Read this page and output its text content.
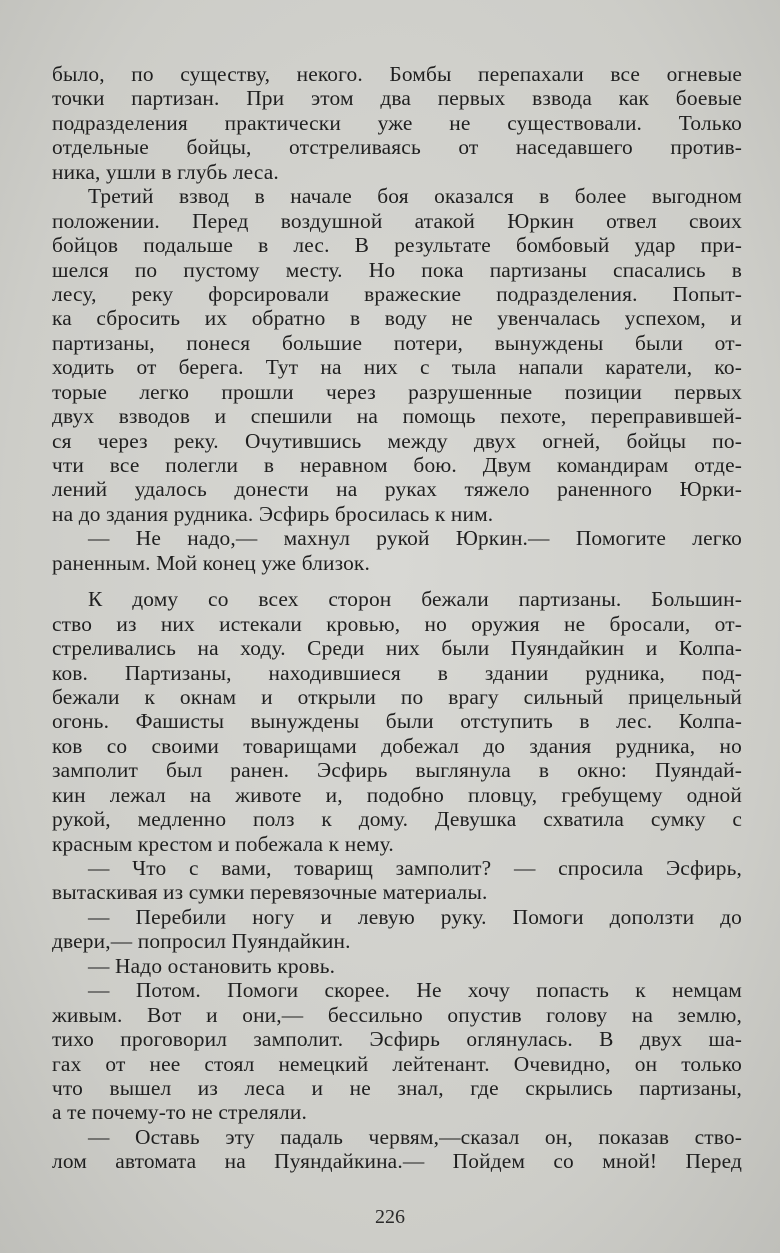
было, по существу, некого. Бомбы перепахали все огневые
точки партизан. При этом два первых взвода как боевые
подразделения практически уже не существовали. Только
отдельные бойцы, отстреливаясь от наседавшего против-
ника, ушли в глубь леса.
Третий взвод в начале боя оказался в более выгодном
положении. Перед воздушной атакой Юркин отвел своих
бойцов подальше в лес. В результате бомбовый удар при-
шелся по пустому месту. Но пока партизаны спасались в
лесу, реку форсировали вражеские подразделения. Попыт-
ка сбросить их обратно в воду не увенчалась успехом, и
партизаны, понеся большие потери, вынуждены были от-
ходить от берега. Тут на них с тыла напали каратели, ко-
торые легко прошли через разрушенные позиции первых
двух взводов и спешили на помощь пехоте, переправившей-
ся через реку. Очутившись между двух огней, бойцы по-
чти все полегли в неравном бою. Двум командирам отде-
лений удалось донести на руках тяжело раненного Юрки-
на до здания рудника. Эсфирь бросилась к ним.
— Не надо,— махнул рукой Юркин.— Помогите легко
раненным. Мой конец уже близок.
К дому со всех сторон бежали партизаны. Большин-
ство из них истекали кровью, но оружия не бросали, от-
стреливались на ходу. Среди них были Пуяндайкин и Колпа-
ков. Партизаны, находившиеся в здании рудника, под-
бежали к окнам и открыли по врагу сильный прицельный
огонь. Фашисты вынуждены были отступить в лес. Колпа-
ков со своими товарищами добежал до здания рудника, но
замполит был ранен. Эсфирь выглянула в окно: Пуяндай-
кин лежал на животе и, подобно пловцу, гребущему одной
рукой, медленно полз к дому. Девушка схватила сумку с
красным крестом и побежала к нему.
— Что с вами, товарищ замполит? — спросила Эсфирь,
вытаскивая из сумки перевязочные материалы.
— Перебили ногу и левую руку. Помоги доползти до
двери,— попросил Пуяндайкин.
— Надо остановить кровь.
— Потом. Помоги скорее. Не хочу попасть к немцам
живым. Вот и они,— бессильно опустив голову на землю,
тихо проговорил замполит. Эсфирь оглянулась. В двух ша-
гах от нее стоял немецкий лейтенант. Очевидно, он только
что вышел из леса и не знал, где скрылись партизаны,
а те почему-то не стреляли.
— Оставь эту падаль червям,—сказал он, показав ство-
лом автомата на Пуяндайкина.— Пойдем со мной! Перед
226
